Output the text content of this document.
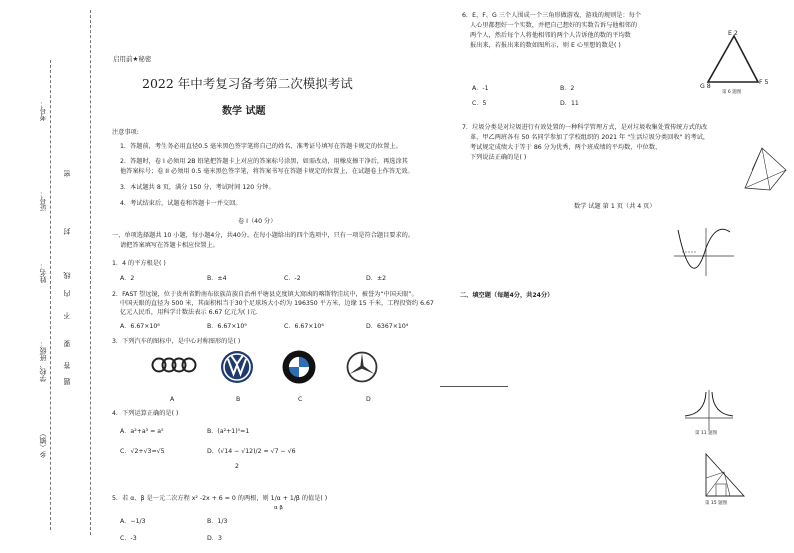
考号：
证号：
姓名：
学校、班级：
乡（镇）
密
封
线
内
不
要
答
题
启用前★秘密
2022 年中考复习备考第二次模拟考试
数学 试题
注意事项:
1．答题前，考生务必用直径0.5 毫米黑色签字笔将自己的姓名、准考证号填写在答题卡规定的位置上。
2．答题时，卷 I 必须用 2B 铅笔把答题卡上对应的答案标号涂黑，如需改动，用橡皮擦干净后，再选涂其
他答案标号；卷 II 必须用 0.5 毫米黑色签字笔，将答案书写在答题卡规定的位置上，在试题卷上作答无效。
3．本试题共 8 页，满分 150 分，考试时间 120 分钟。
4．考试结束后，试题卷和答题卡一并交回。
卷 I（40 分）
一、单项选择题共 10 小题，每小题4分，共40分。在每小题给出的四个选项中，只有一项是符合题目要求的。
请把答案填写在答题卡相应位置上。
1．4 的平方根是( )
A．2	B．±4	C．-2	D．±2
2．FAST 望远镜，位于贵州省黔南布依族苗族自治州平塘县克度镇大窝凼的喀斯特洼坑中，被誉为“中国天眼”。
中国天眼的直径为 500 米，其面积相当于30个足球场大小约为 196350 平方米，边缘 15 千米，工程投资约 6.67
亿元人民币，用科学计数法表示 6.67 亿元为( )元．
A．6.67×10⁸	B．6.67×10⁹	C．6.67×10⁶	D．6367×10⁴
3．下列汽车的图标中，是中心对称图形的是( )
A	B	C	D
4．下列运算正确的是( )
A．a²+a³ = a⁵	B．(a²+1)⁰=1
C．√2+√3=√5	D．(√14 − √12)/2 = √7 − √6
2
5．若 α、β 是一元二次方程 x² -2x + 6 = 0 的两根，则 1/α + 1/β 的值是( )
α β
A．−1/3	B．1/3
C．-3	D．3
6．E、F、G 三个人围成一个三角形做游戏，游戏的规则是：每个
人心里都想好一个实数，并把自己想好的实数告诉与他相邻的
两个人，然后每个人将他相邻的两个人告诉他的数的平均数
报出来，若报出来的数如图所示，则 E 心里想的数是( )
E 2
F 5
G 8
第 6 题图
A．-1	B．2
C．5	D．11
7．垃圾分类是对垃圾进行有效处置的一种科学管理方式，是对垃圾收集处置传统方式的改
革，甲乙两班各有 50 名同学参加了学校组织的 2021 年 "生活垃圾分类回收" 的考试，
考试规定成绩大于等于 86 分为优秀，两个班成绩的平均数、中位数、
下列说法正确的是( )
数学 试题 第 1 页（共 4 页）
二、填空题（每题4分，共24分）
第 11 题图
第 15 题图
